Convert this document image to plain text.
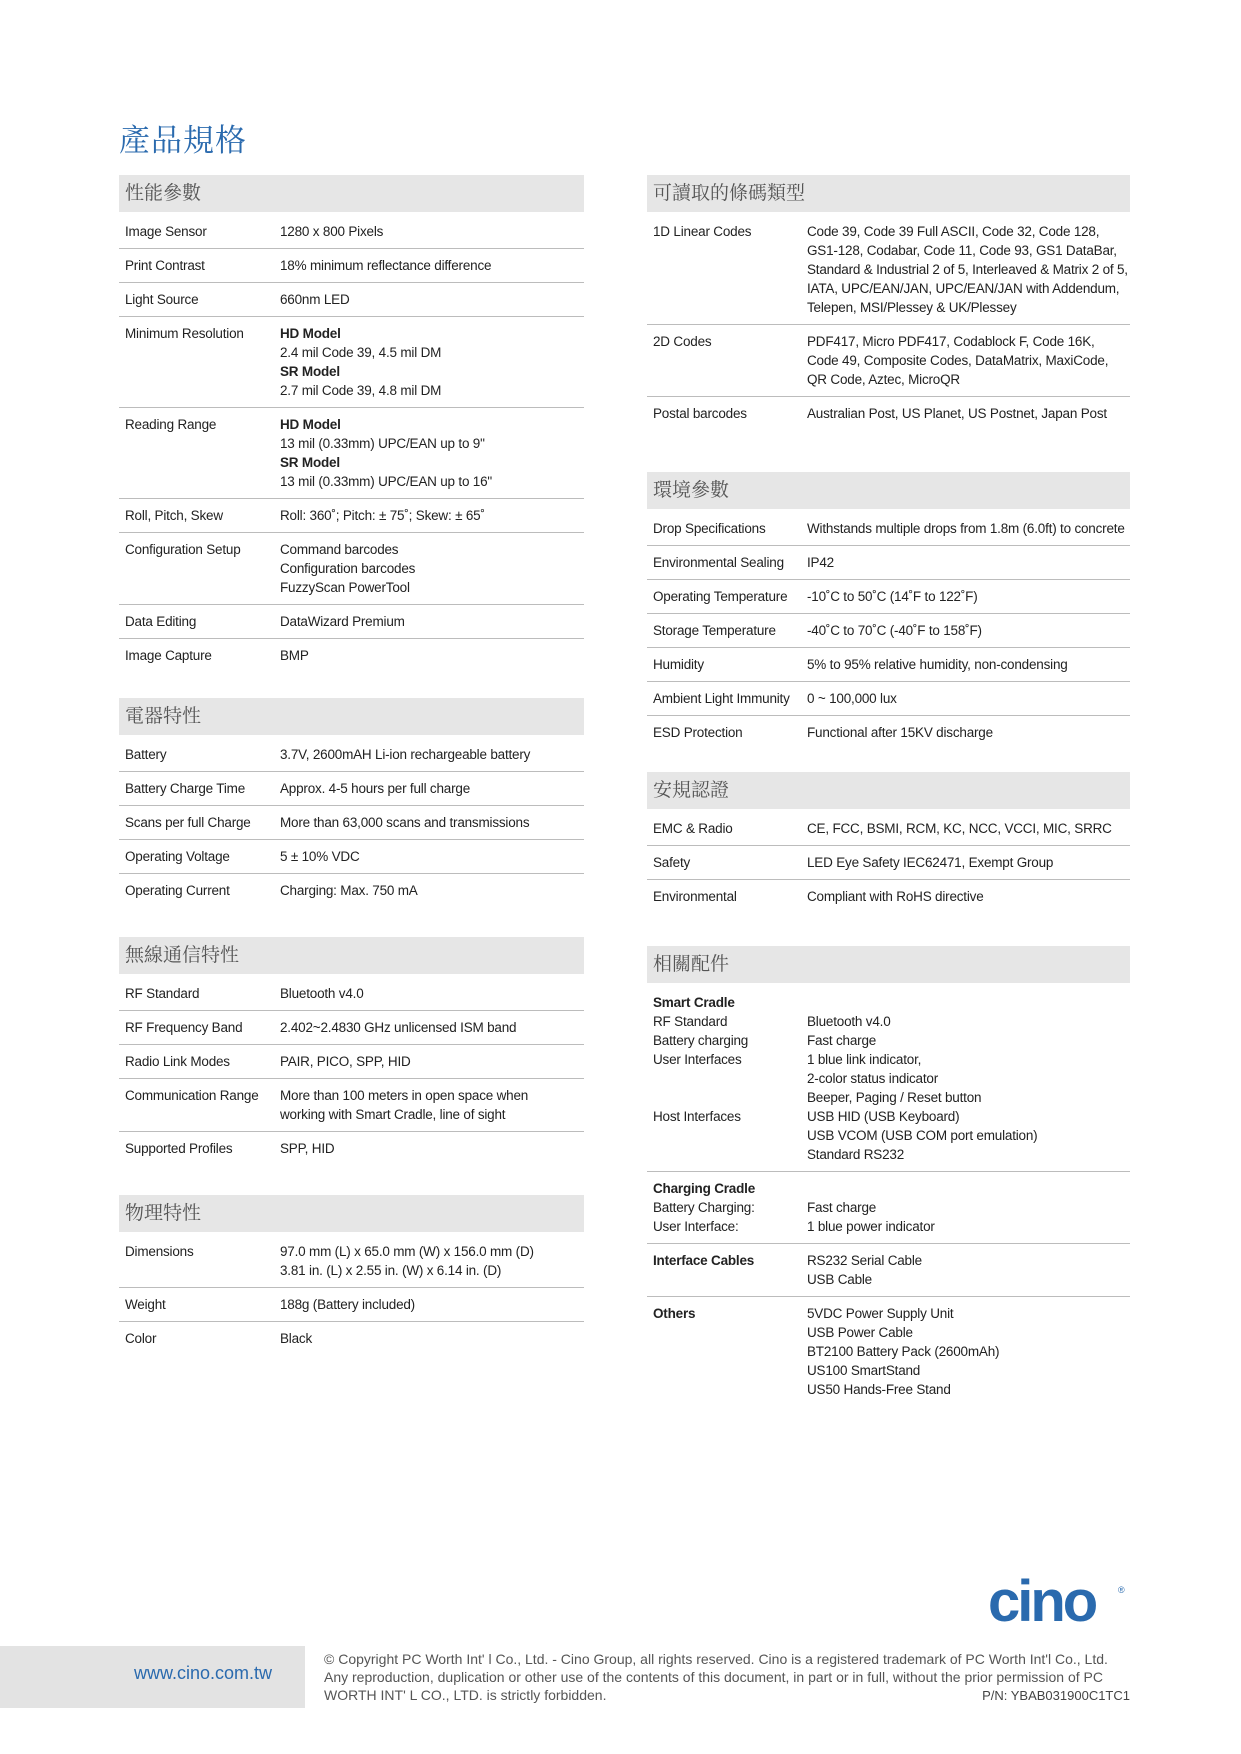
產品規格
性能參數
Image Sensor	1280 x 800 Pixels
Print Contrast	18% minimum reflectance difference
Light Source	660nm LED
Minimum Resolution	HD Model
2.4 mil Code 39, 4.5 mil DM
SR Model
2.7 mil Code 39, 4.8 mil DM
Reading Range	HD Model
13 mil (0.33mm) UPC/EAN up to 9"
SR Model
13 mil (0.33mm) UPC/EAN up to 16"
Roll, Pitch, Skew	Roll: 360˚; Pitch: ± 75˚; Skew: ± 65˚
Configuration Setup	Command barcodes
Configuration barcodes
FuzzyScan PowerTool
Data Editing	DataWizard Premium
Image Capture	BMP
電器特性
Battery	3.7V, 2600mAH Li-ion rechargeable battery
Battery Charge Time	Approx. 4-5 hours per full charge
Scans per full Charge	More than 63,000 scans and transmissions
Operating Voltage	5 ± 10% VDC
Operating Current	Charging: Max. 750 mA
無線通信特性
RF Standard	Bluetooth v4.0
RF Frequency Band	2.402~2.4830 GHz unlicensed ISM band
Radio Link Modes	PAIR, PICO, SPP, HID
Communication Range	More than 100 meters in open space when
working with Smart Cradle, line of sight
Supported Profiles	SPP, HID
物理特性
Dimensions	97.0 mm (L) x 65.0 mm (W) x 156.0 mm (D)
3.81 in. (L) x 2.55 in. (W) x 6.14 in. (D)
Weight	188g (Battery included)
Color	Black
可讀取的條碼類型
1D Linear Codes	Code 39, Code 39 Full ASCII, Code 32, Code 128,
GS1-128, Codabar, Code 11, Code 93, GS1 DataBar,
Standard & Industrial 2 of 5, Interleaved & Matrix 2 of 5,
IATA, UPC/EAN/JAN, UPC/EAN/JAN with Addendum,
Telepen, MSI/Plessey & UK/Plessey
2D Codes	PDF417, Micro PDF417, Codablock F, Code 16K,
Code 49, Composite Codes, DataMatrix, MaxiCode,
QR Code, Aztec, MicroQR
Postal barcodes	Australian Post, US Planet, US Postnet, Japan Post
環境參數
Drop Specifications	Withstands multiple drops from 1.8m (6.0ft) to concrete
Environmental Sealing	IP42
Operating Temperature	-10˚C to 50˚C (14˚F to 122˚F)
Storage Temperature	-40˚C to 70˚C (-40˚F to 158˚F)
Humidity	5% to 95% relative humidity, non-condensing
Ambient Light Immunity	0 ~ 100,000 lux
ESD Protection	Functional after 15KV discharge
安規認證
EMC & Radio	CE, FCC, BSMI, RCM, KC, NCC, VCCI, MIC, SRRC
Safety	LED Eye Safety IEC62471, Exempt Group
Environmental	Compliant with RoHS directive
相關配件
Smart Cradle
RF Standard	Bluetooth v4.0
Battery charging	Fast charge
User Interfaces	1 blue link indicator,
2-color status indicator
Beeper, Paging / Reset button
Host Interfaces	USB HID (USB Keyboard)
USB VCOM (USB COM port emulation)
Standard RS232
Charging Cradle
Battery Charging:	Fast charge
User Interface:	1 blue power indicator
Interface Cables	RS232 Serial Cable
USB Cable
Others	5VDC Power Supply Unit
USB Power Cable
BT2100 Battery Pack (2600mAh)
US100 SmartStand
US50 Hands-Free Stand
www.cino.com.tw
© Copyright PC Worth Int' l Co., Ltd. - Cino Group, all rights reserved. Cino is a registered trademark of PC Worth Int'l Co., Ltd. Any reproduction, duplication or other use of the contents of this document, in part or in full, without the prior permission of PC WORTH INT' L CO., LTD. is strictly forbidden.	P/N: YBAB031900C1TC1
cino	®
